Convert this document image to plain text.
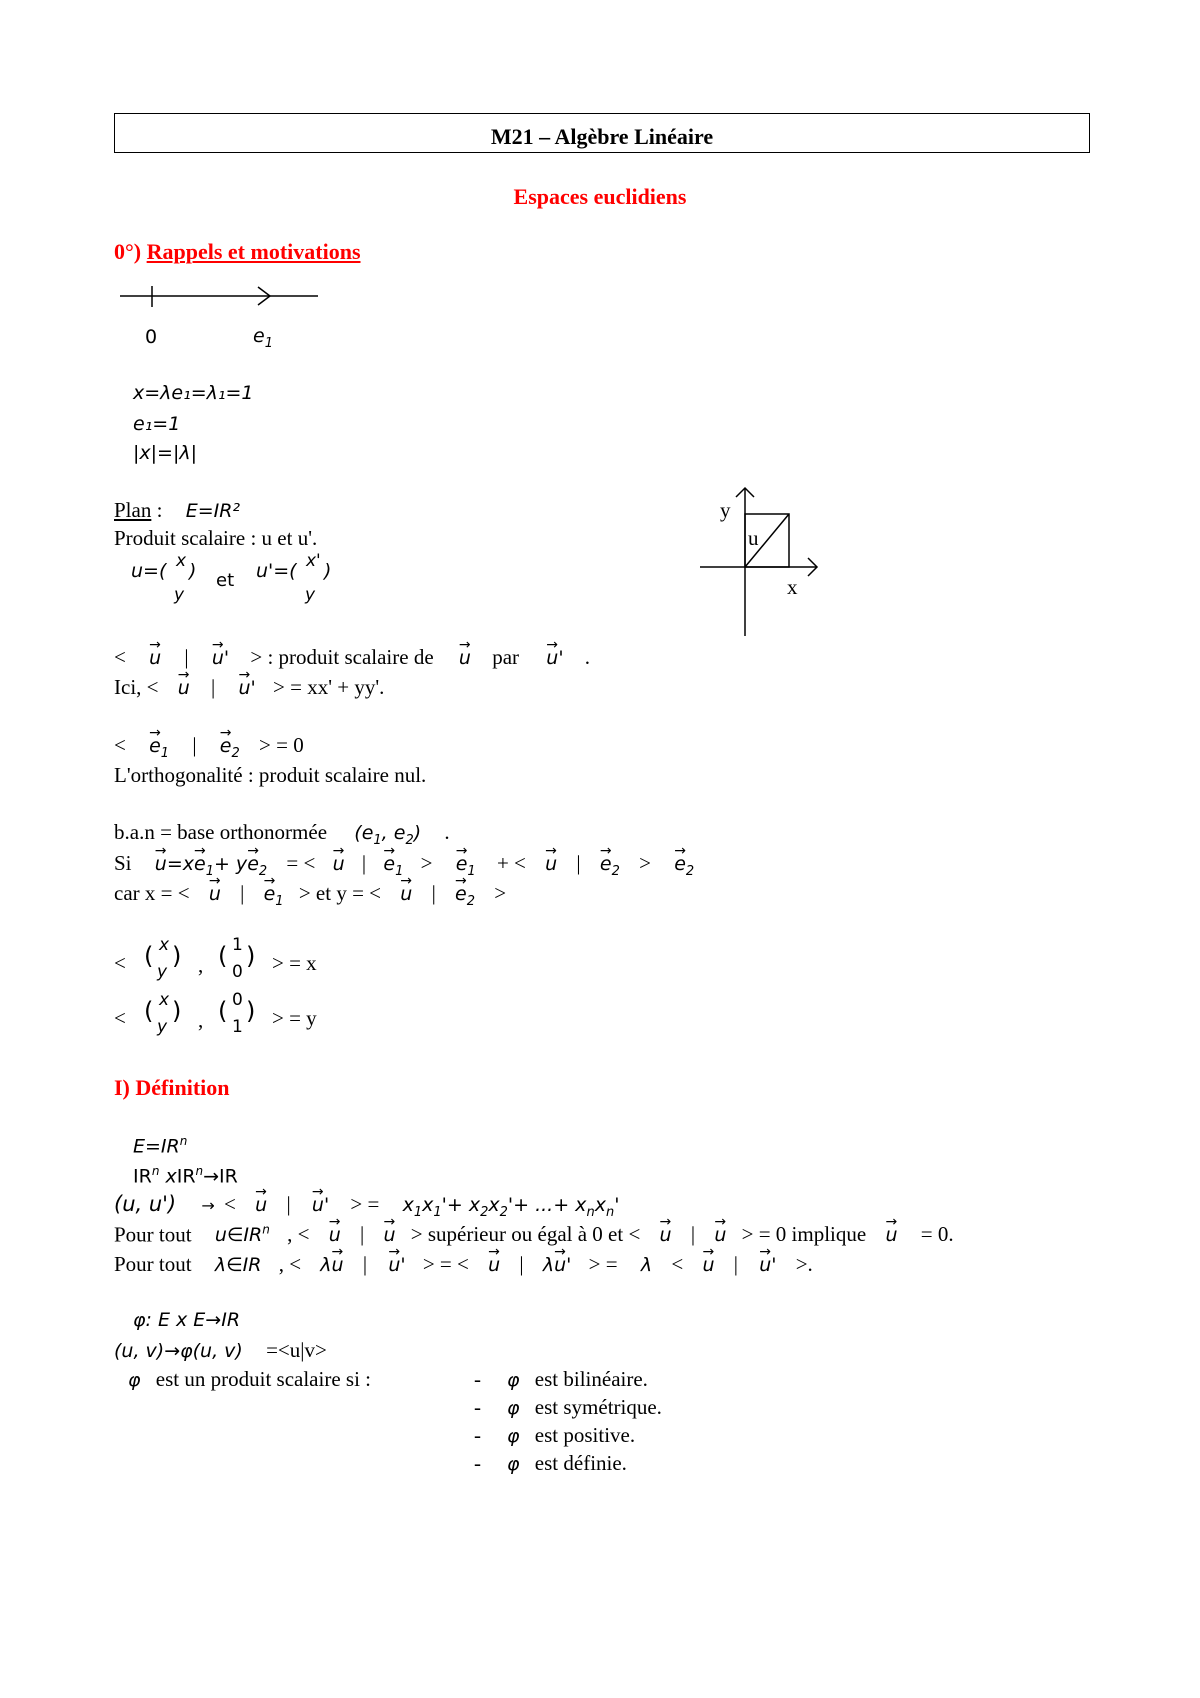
M21 – Algèbre Linéaire
Espaces euclidiens
0°) Rappels et motivations
0	$e_1$
x=λe₁=λ₁=1
e₁=1
|x|=|λ|
Plan : E=IR²
Produit scalaire : u et u'.
u=( x
y
) et u'=( x'
y
)
y
x
u
< → u | → u' > : produit scalaire de → u par → u' .
Ici, < → u | → u' > = xx' + yy'.
< → $e_1$ | → $e_2$ > = 0
L'orthogonalité : produit scalaire nul.
b.a.n = base orthonormée ($e_1$, $e_2$) .
$Si \to u=x\to e_1+ y\to e_2$ = < → u | → $e_1$ > → $e_1$ + < → u | → $e_2$ > → $e_2$
car x = < → u | → $e_1$ > et y = < → u | → $e_2$ >
< ( x
y
) , ( 1
0
) > = x
< ( x
y
) , ( 0
1
) > = y
I) Définition
$E=IR^n$
$IR^n$ xIR$^n$→IR
(u, u') → < → u | → u' > = $x_1x_1'+ x_2x_2'+$ ...+ $x_nx_n'$
Pour tout $u\in IR^n$ , < → u | → u > supérieur ou égal à 0 et < → u | → u > = 0 implique → u = 0.
Pour tout λ∈IR , < λ→ u | → u' > = < → u | λ→ u' > = λ < → u | → u' >.
φ: E x E→IR
(u, v)→φ(u, v) =<u|v>
φ est un produit scalaire si :	- φ est bilinéaire.
- φ est symétrique.
- φ est positive.
- φ est définie.
